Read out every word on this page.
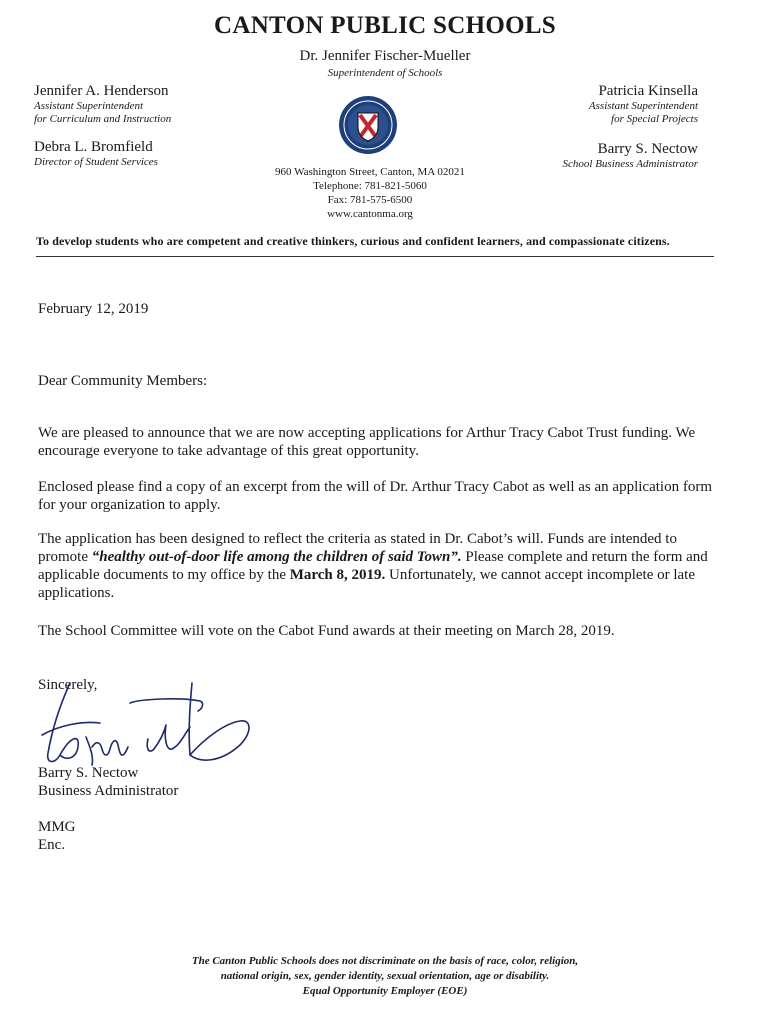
CANTON PUBLIC SCHOOLS
Dr. Jennifer Fischer-Mueller
Superintendent of Schools
Jennifer A. Henderson
Assistant Superintendent
for Curriculum and Instruction
Debra L. Bromfield
Director of Student Services
Patricia Kinsella
Assistant Superintendent
for Special Projects
Barry S. Nectow
School Business Administrator
960 Washington Street, Canton, MA 02021
Telephone: 781-821-5060
Fax: 781-575-6500
www.cantonma.org
To develop students who are competent and creative thinkers, curious and confident learners, and compassionate citizens.
February 12, 2019
Dear Community Members:
We are pleased to announce that we are now accepting applications for Arthur Tracy Cabot Trust funding. We encourage everyone to take advantage of this great opportunity.
Enclosed please find a copy of an excerpt from the will of Dr. Arthur Tracy Cabot as well as an application form for your organization to apply.
The application has been designed to reflect the criteria as stated in Dr. Cabot’s will. Funds are intended to promote “healthy out-of-door life among the children of said Town”. Please complete and return the form and applicable documents to my office by the March 8, 2019. Unfortunately, we cannot accept incomplete or late applications.
The School Committee will vote on the Cabot Fund awards at their meeting on March 28, 2019.
Sincerely,
Barry S. Nectow
Business Administrator
MMG
Enc.
The Canton Public Schools does not discriminate on the basis of race, color, religion,
national origin, sex, gender identity, sexual orientation, age or disability.
Equal Opportunity Employer (EOE)
